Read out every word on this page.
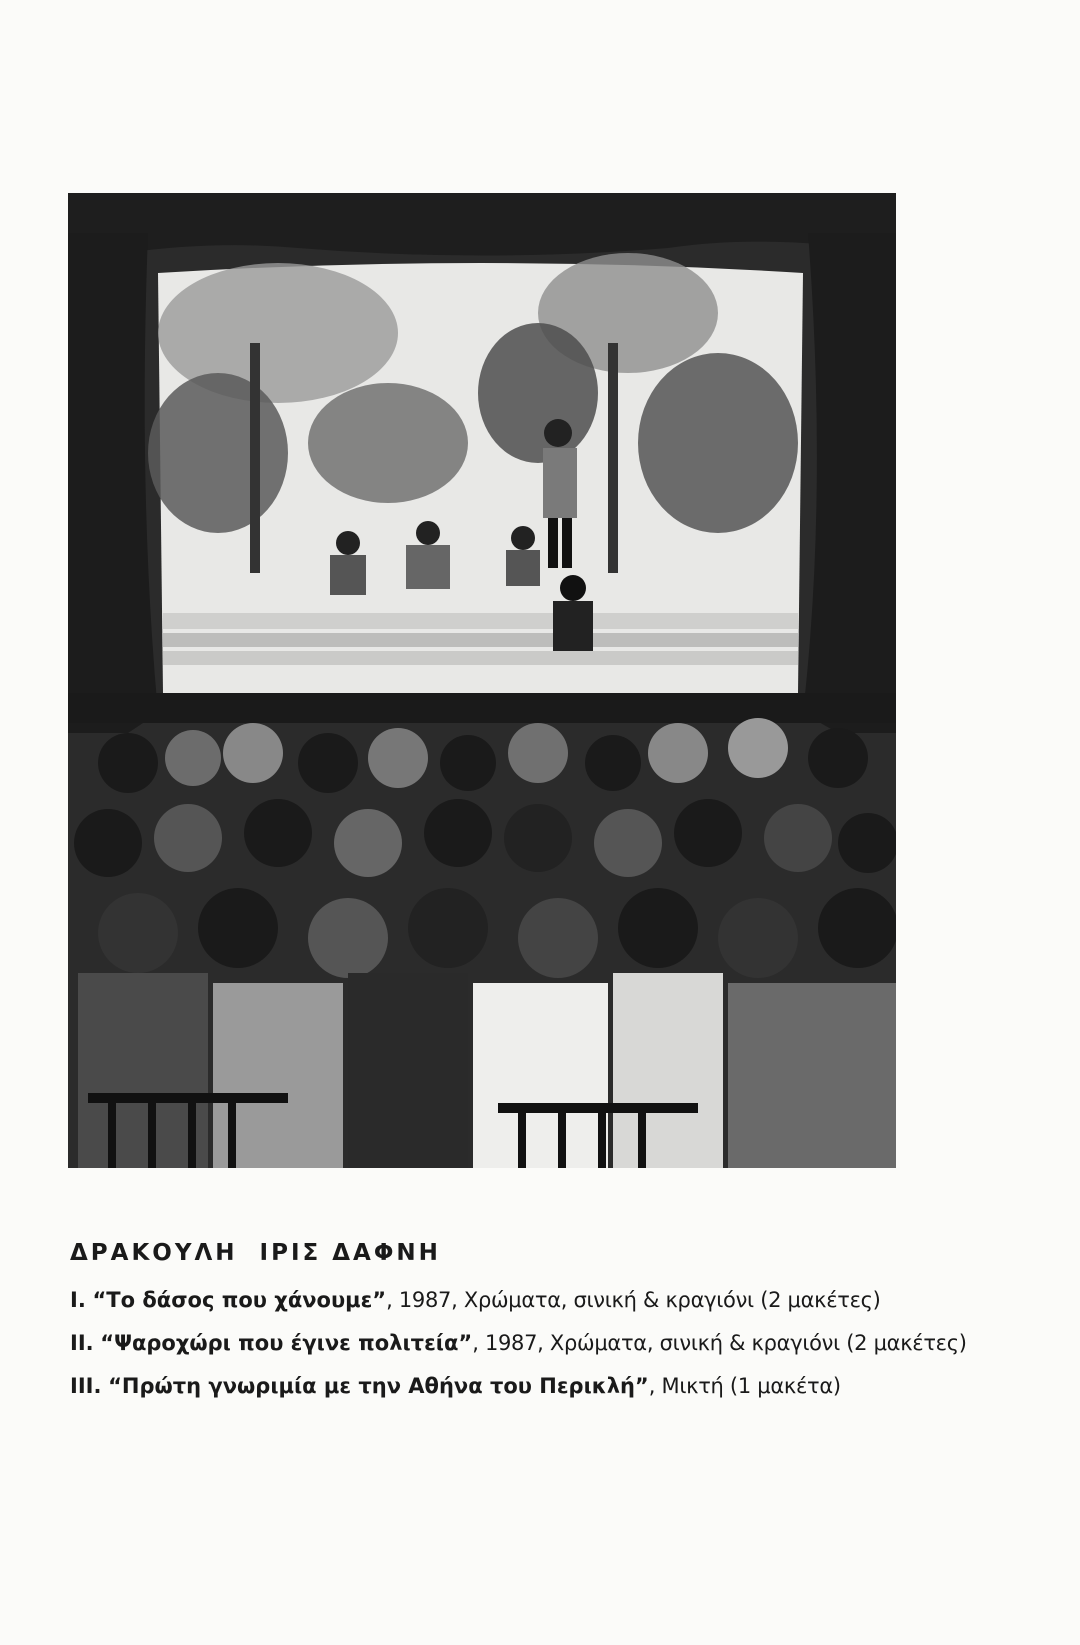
ΔΡΑΚΟΥΛΗ  ΙΡΙΣ ΔΑΦΝΗ

I. “Το δάσος που χάνουμε”, 1987, Χρώματα, σινική & κραγιόνι (2 μακέτες)

II. “Ψαροχώρι που έγινε πολιτεία”, 1987, Χρώματα, σινική & κραγιόνι (2 μακέτες)

III. “Πρώτη γνωριμία με την Αθήνα του Περικλή”, Μικτή (1 μακέτα)
